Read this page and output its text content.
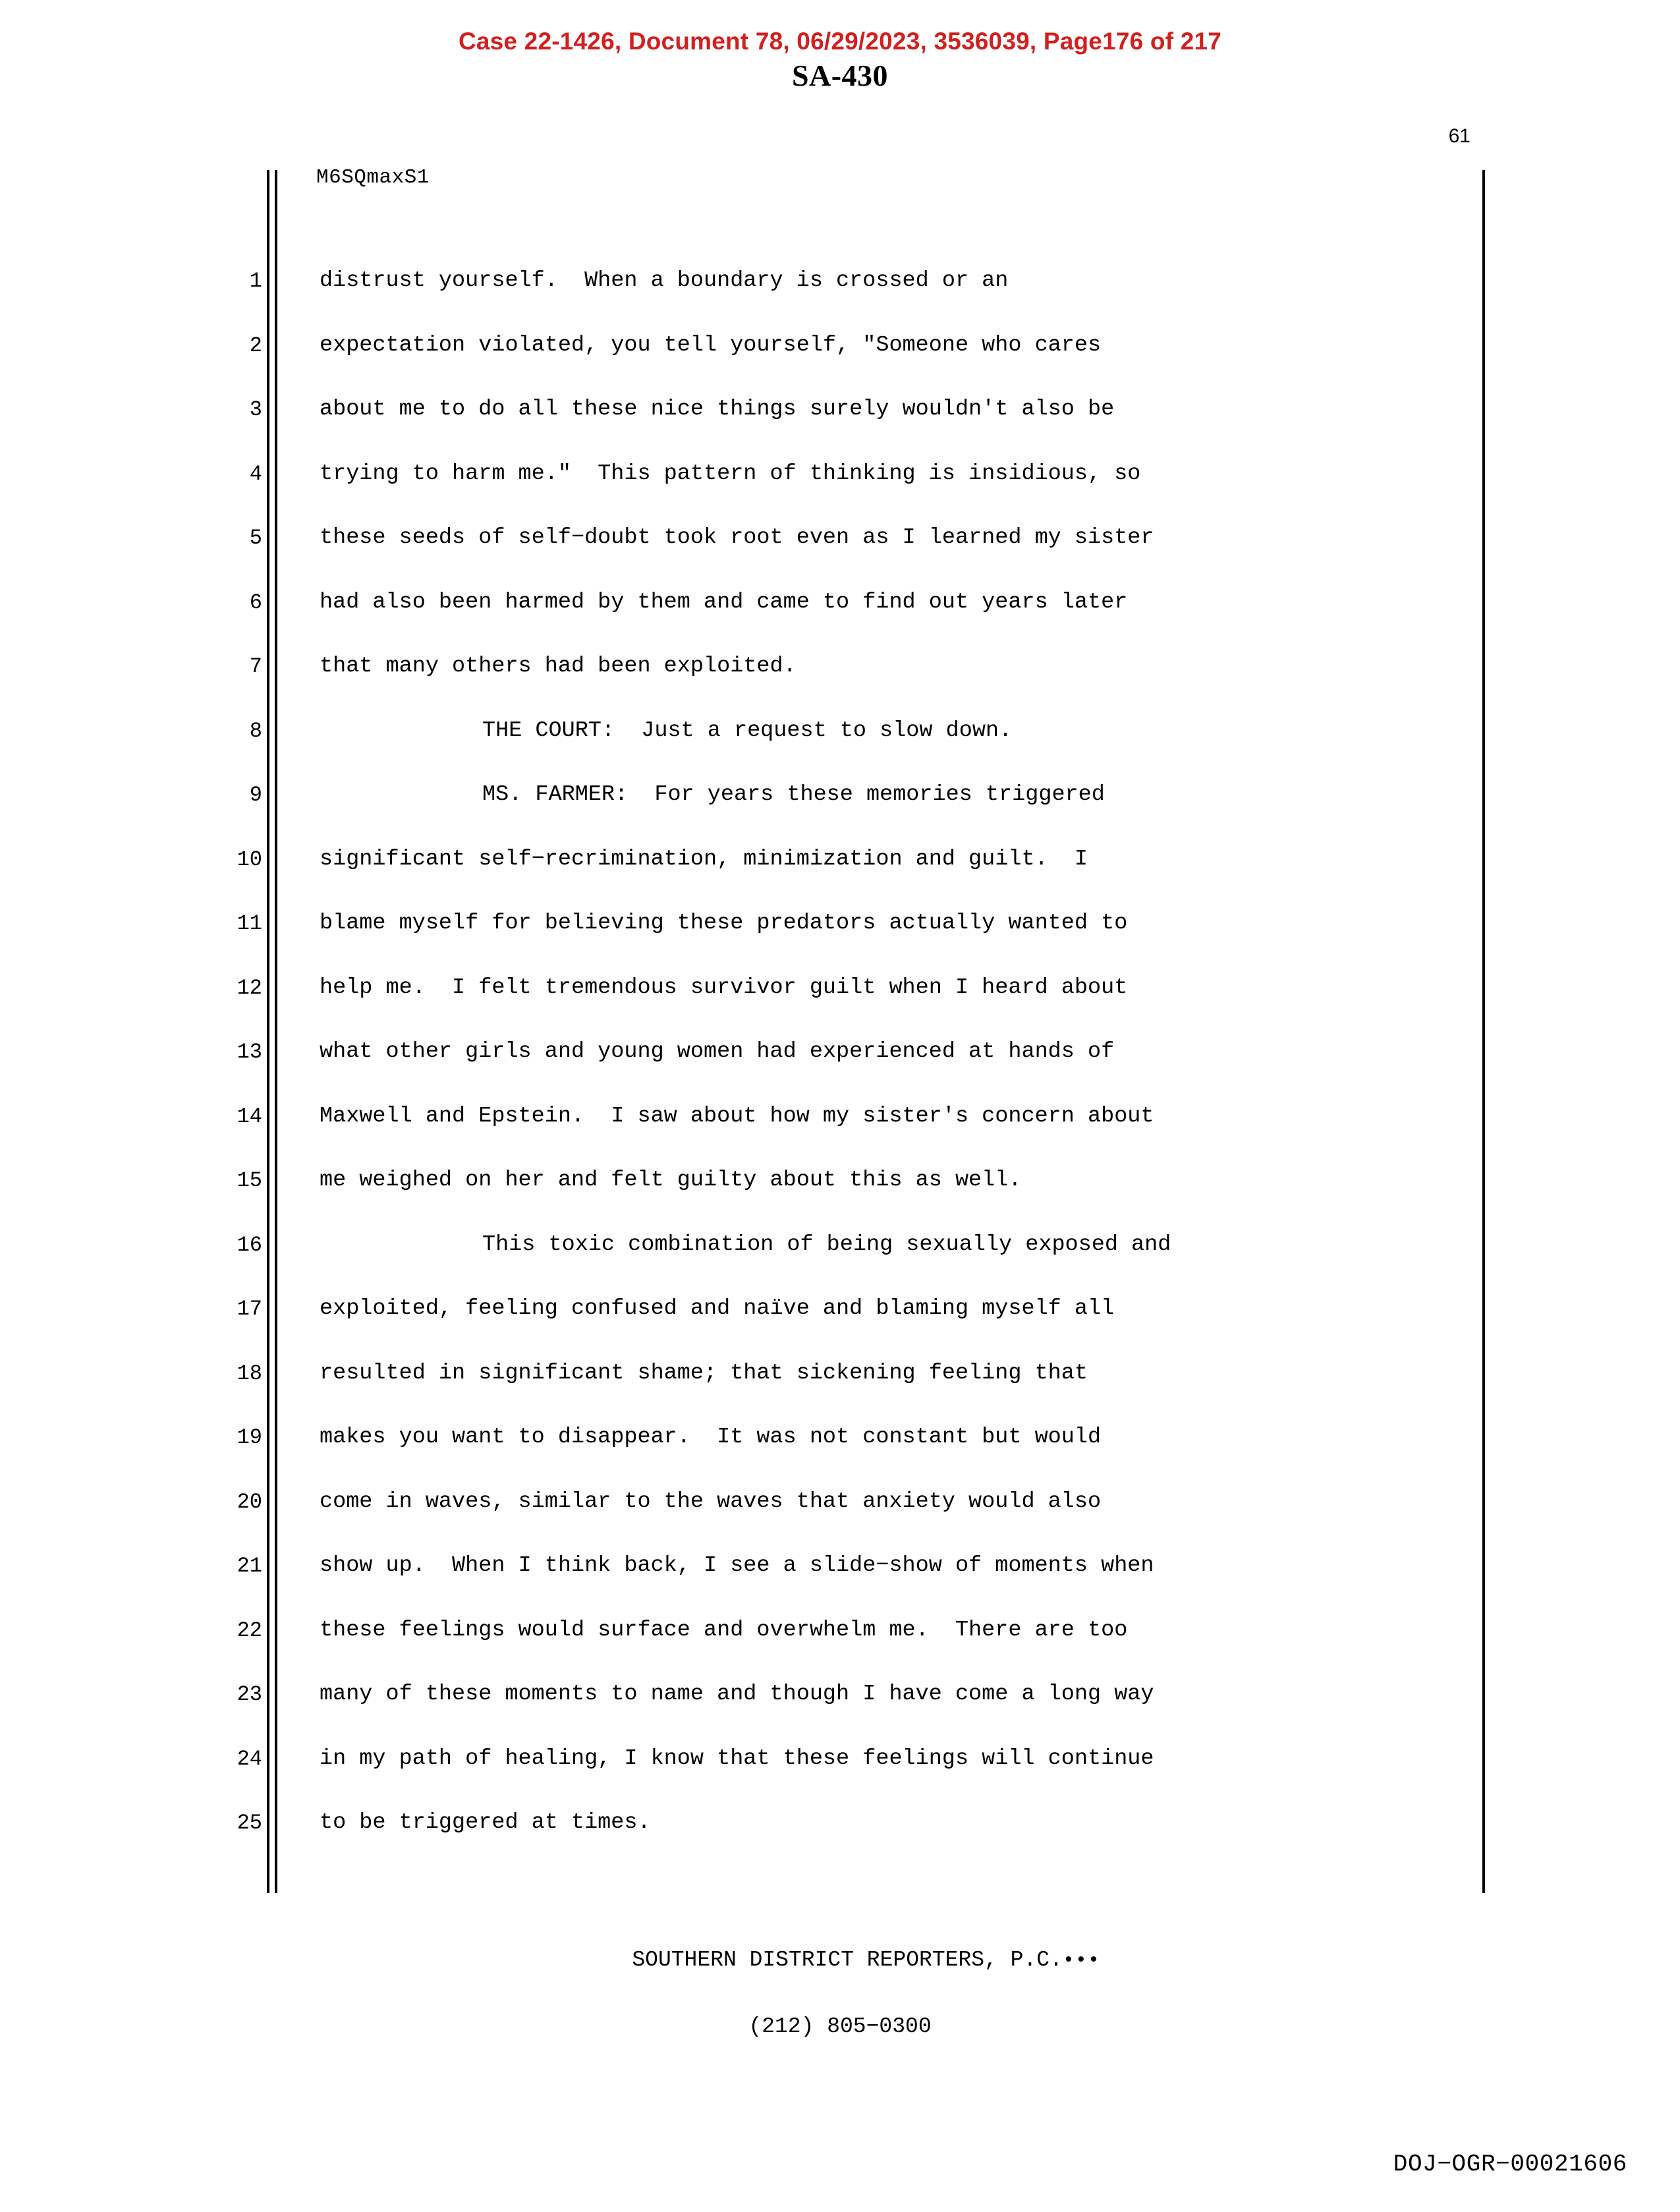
Case 22-1426, Document 78, 06/29/2023, 3536039, Page176 of 217
SA-430
61
M6SQmaxS1
1	distrust yourself.  When a boundary is crossed or an
2	expectation violated, you tell yourself, "Someone who cares
3	about me to do all these nice things surely wouldn't also be
4	trying to harm me."  This pattern of thinking is insidious, so
5	these seeds of self−doubt took root even as I learned my sister
6	had also been harmed by them and came to find out years later
7	that many others had been exploited.
8	THE COURT:  Just a request to slow down.
9	MS. FARMER:  For years these memories triggered
10	significant self−recrimination, minimization and guilt.  I
11	blame myself for believing these predators actually wanted to
12	help me.  I felt tremendous survivor guilt when I heard about
13	what other girls and young women had experienced at hands of
14	Maxwell and Epstein.  I saw about how my sister's concern about
15	me weighed on her and felt guilty about this as well.
16	This toxic combination of being sexually exposed and
17	exploited, feeling confused and naïve and blaming myself all
18	resulted in significant shame; that sickening feeling that
19	makes you want to disappear.  It was not constant but would
20	come in waves, similar to the waves that anxiety would also
21	show up.  When I think back, I see a slide−show of moments when
22	these feelings would surface and overwhelm me.  There are too
23	many of these moments to name and though I have come a long way
24	in my path of healing, I know that these feelings will continue
25	to be triggered at times.

SOUTHERN DISTRICT REPORTERS, P.C.•••

(212) 805−0300

DOJ−OGR−00021606
